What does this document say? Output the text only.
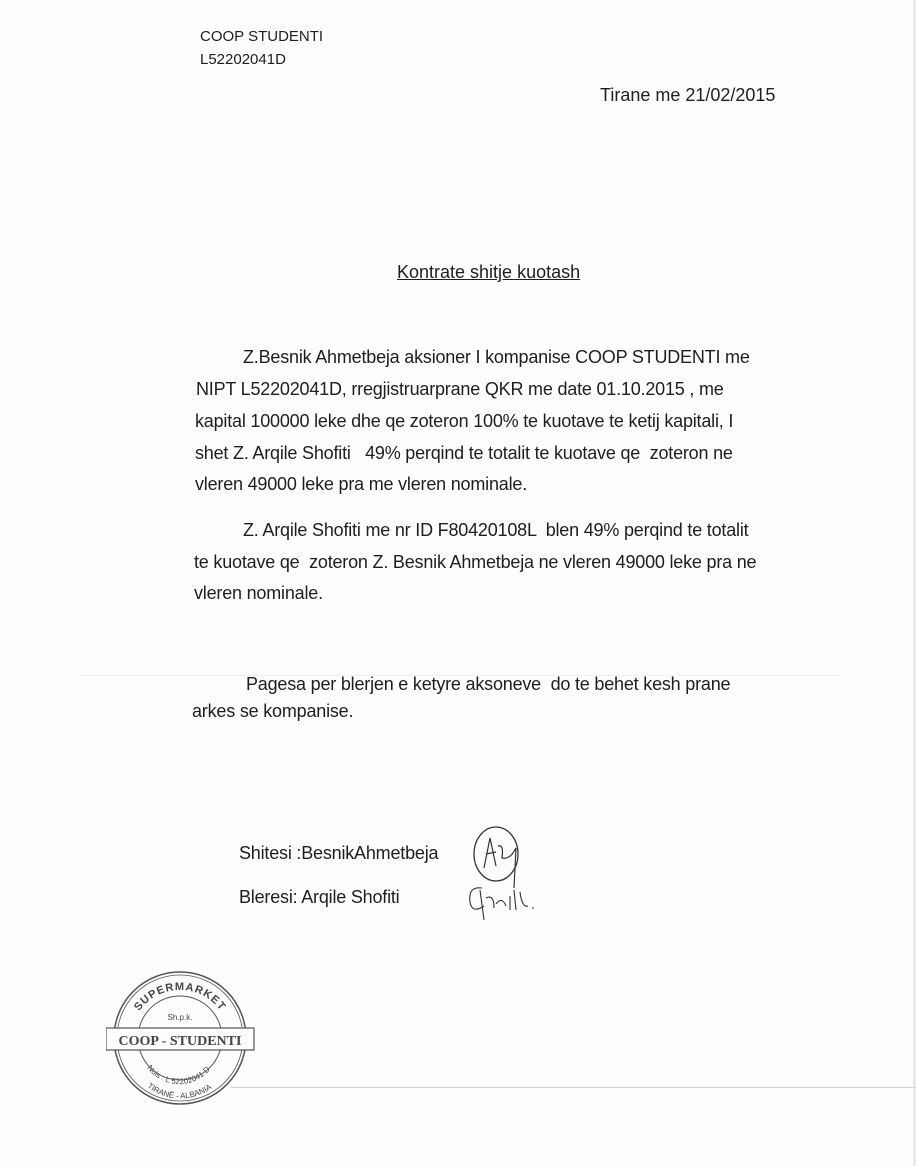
COOP STUDENTI
L52202041D
Tirane me 21/02/2015
Kontrate shitje kuotash
Z.Besnik Ahmetbeja aksioner I kompanise COOP STUDENTI me
NIPT L52202041D, rregjistruarprane QKR me date 01.10.2015 , me
kapital 100000 leke dhe qe zoteron 100% te kuotave te ketij kapitali, I
shet Z. Arqile Shofiti   49% perqind te totalit te kuotave qe  zoteron ne
vleren 49000 leke pra me vleren nominale.
Z. Arqile Shofiti me nr ID F80420108L  blen 49% perqind te totalit
te kuotave qe  zoteron Z. Besnik Ahmetbeja ne vleren 49000 leke pra ne
vleren nominale.
Pagesa per blerjen e ketyre aksoneve  do te behet kesh prane
arkes se kompanise.
Shitesi :BesnikAhmetbeja
Bleresi: Arqile Shofiti
SUPERMARKET
Sh.p.k.
COOP - STUDENTI
Nuis : L 52202041 D
TIRANË - ALBANIA
